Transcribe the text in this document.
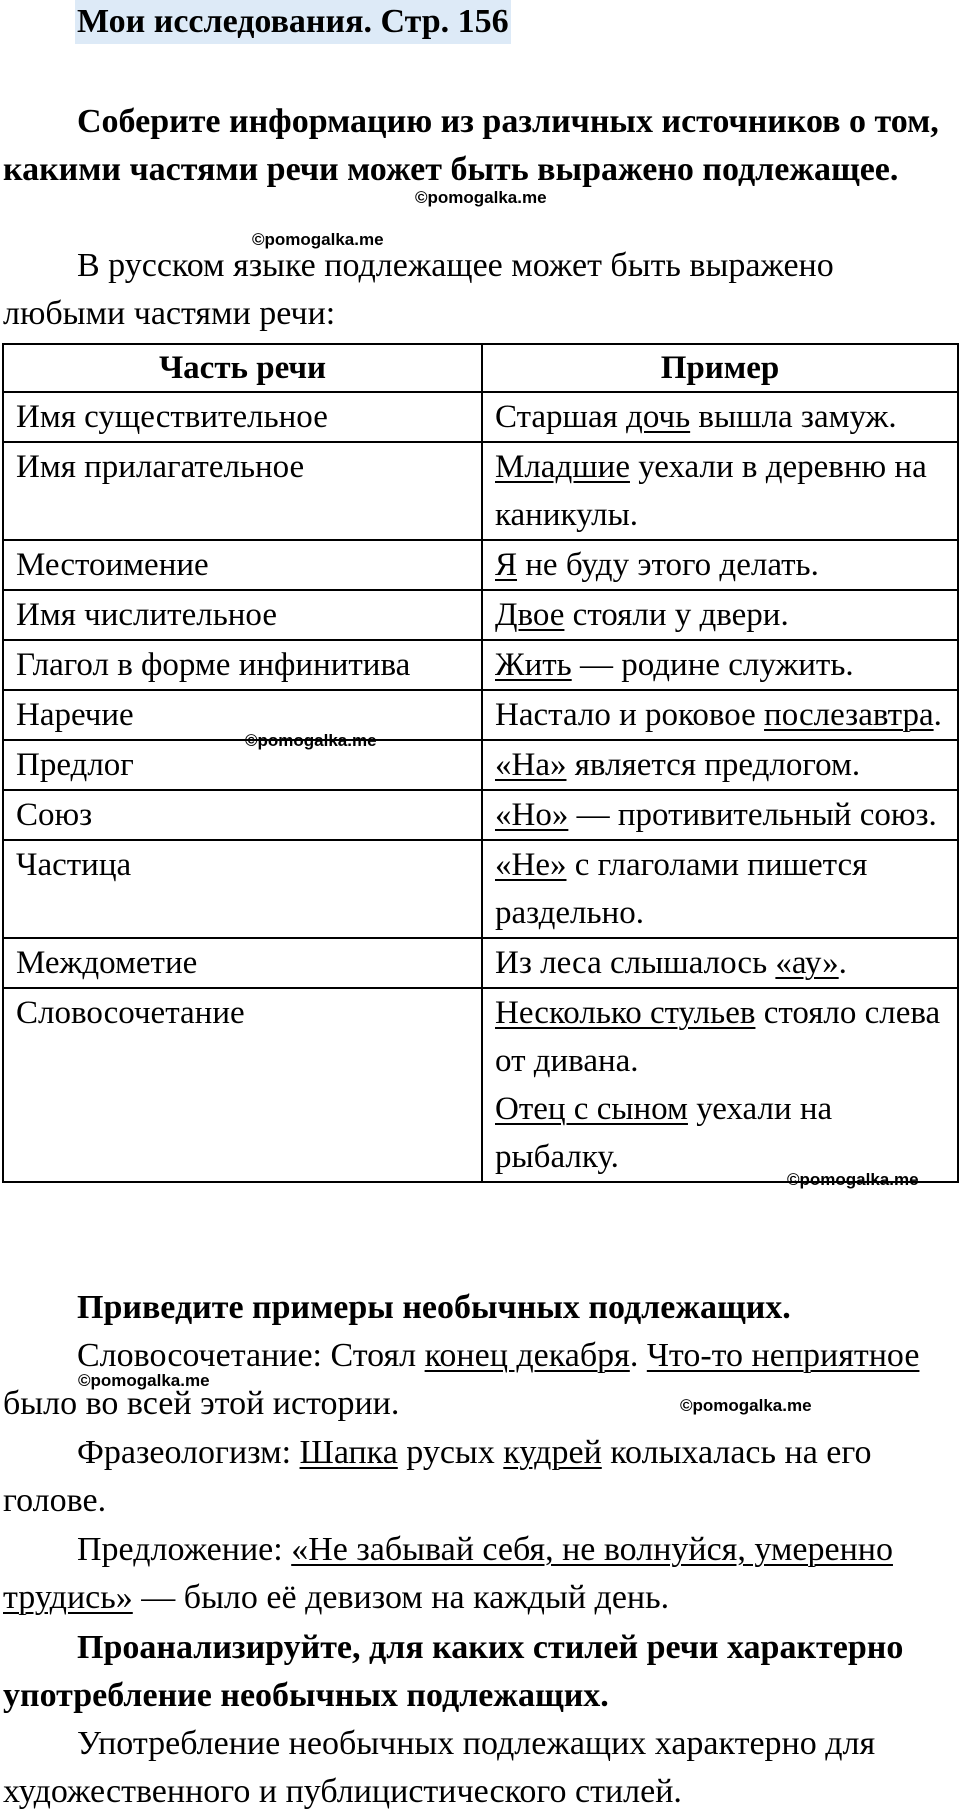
Мои исследования. Стр. 156
Соберите информацию из различных источников о том, какими частями речи может быть выражено подлежащее.
В русском языке подлежащее может быть выражено любыми частями речи:
Часть речи	Пример
Имя существительное	Старшая дочь вышла замуж.
Имя прилагательное	Младшие уехали в деревню на каникулы.
Местоимение	Я не буду этого делать.
Имя числительное	Двое стояли у двери.
Глагол в форме инфинитива	Жить — родине служить.
Наречие	Настало и роковое послезавтра.
Предлог	«На» является предлогом.
Союз	«Но» — противительный союз.
Частица	«Не» с глаголами пишется раздельно.
Междометие	Из леса слышалось «ау».
Словосочетание	Несколько стульев стояло слева от дивана.
Отец с сыном уехали на рыбалку.
Приведите примеры необычных подлежащих.
Словосочетание: Стоял конец декабря. Что-то неприятное было во всей этой истории.
Фразеологизм: Шапка русых кудрей колыхалась на его голове.
Предложение: «Не забывай себя, не волнуйся, умеренно трудись» — было её девизом на каждый день.
Проанализируйте, для каких стилей речи характерно употребление необычных подлежащих.
Употребление необычных подлежащих характерно для художественного и публицистического стилей.
©pomogalka.me
©pomogalka.me
©pomogalka.me
©pomogalka.me
©pomogalka.me
©pomogalka.me
